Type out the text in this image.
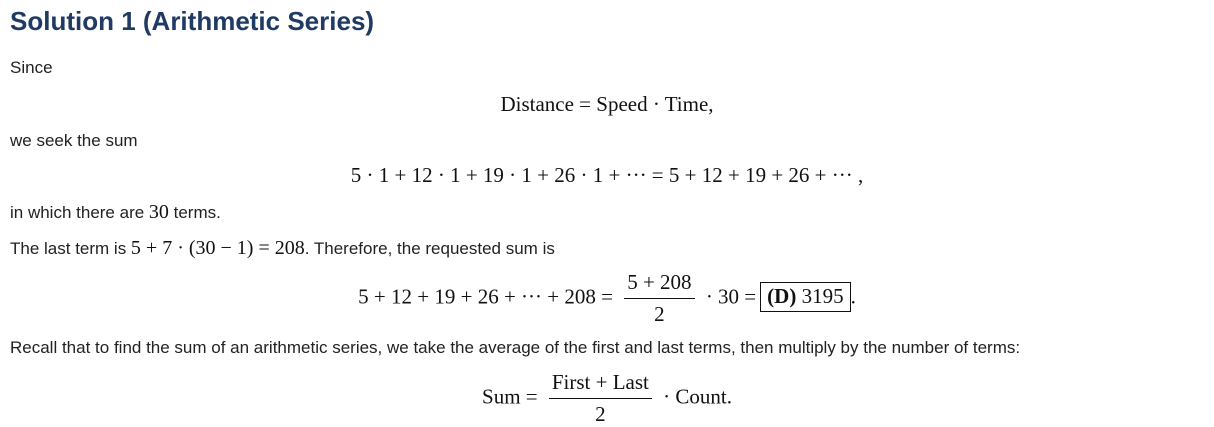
Solution 1 (Arithmetic Series)
Since
Distance = Speed · Time,
we seek the sum
5 · 1 + 12 · 1 + 19 · 1 + 26 · 1 + ··· = 5 + 12 + 19 + 26 + ··· ,
in which there are 30 terms.
The last term is 5 + 7 · (30 − 1) = 208. Therefore, the requested sum is
5 + 12 + 19 + 26 + ··· + $208 = \frac{5 + 208}{2} \cdot 30 = (D)$ 3195 .
Recall that to find the sum of an arithmetic series, we take the average of the first and last terms, then multiply by the number of terms:
Sum = $\frac{\text{First + Last}}{2}$ · Count.
